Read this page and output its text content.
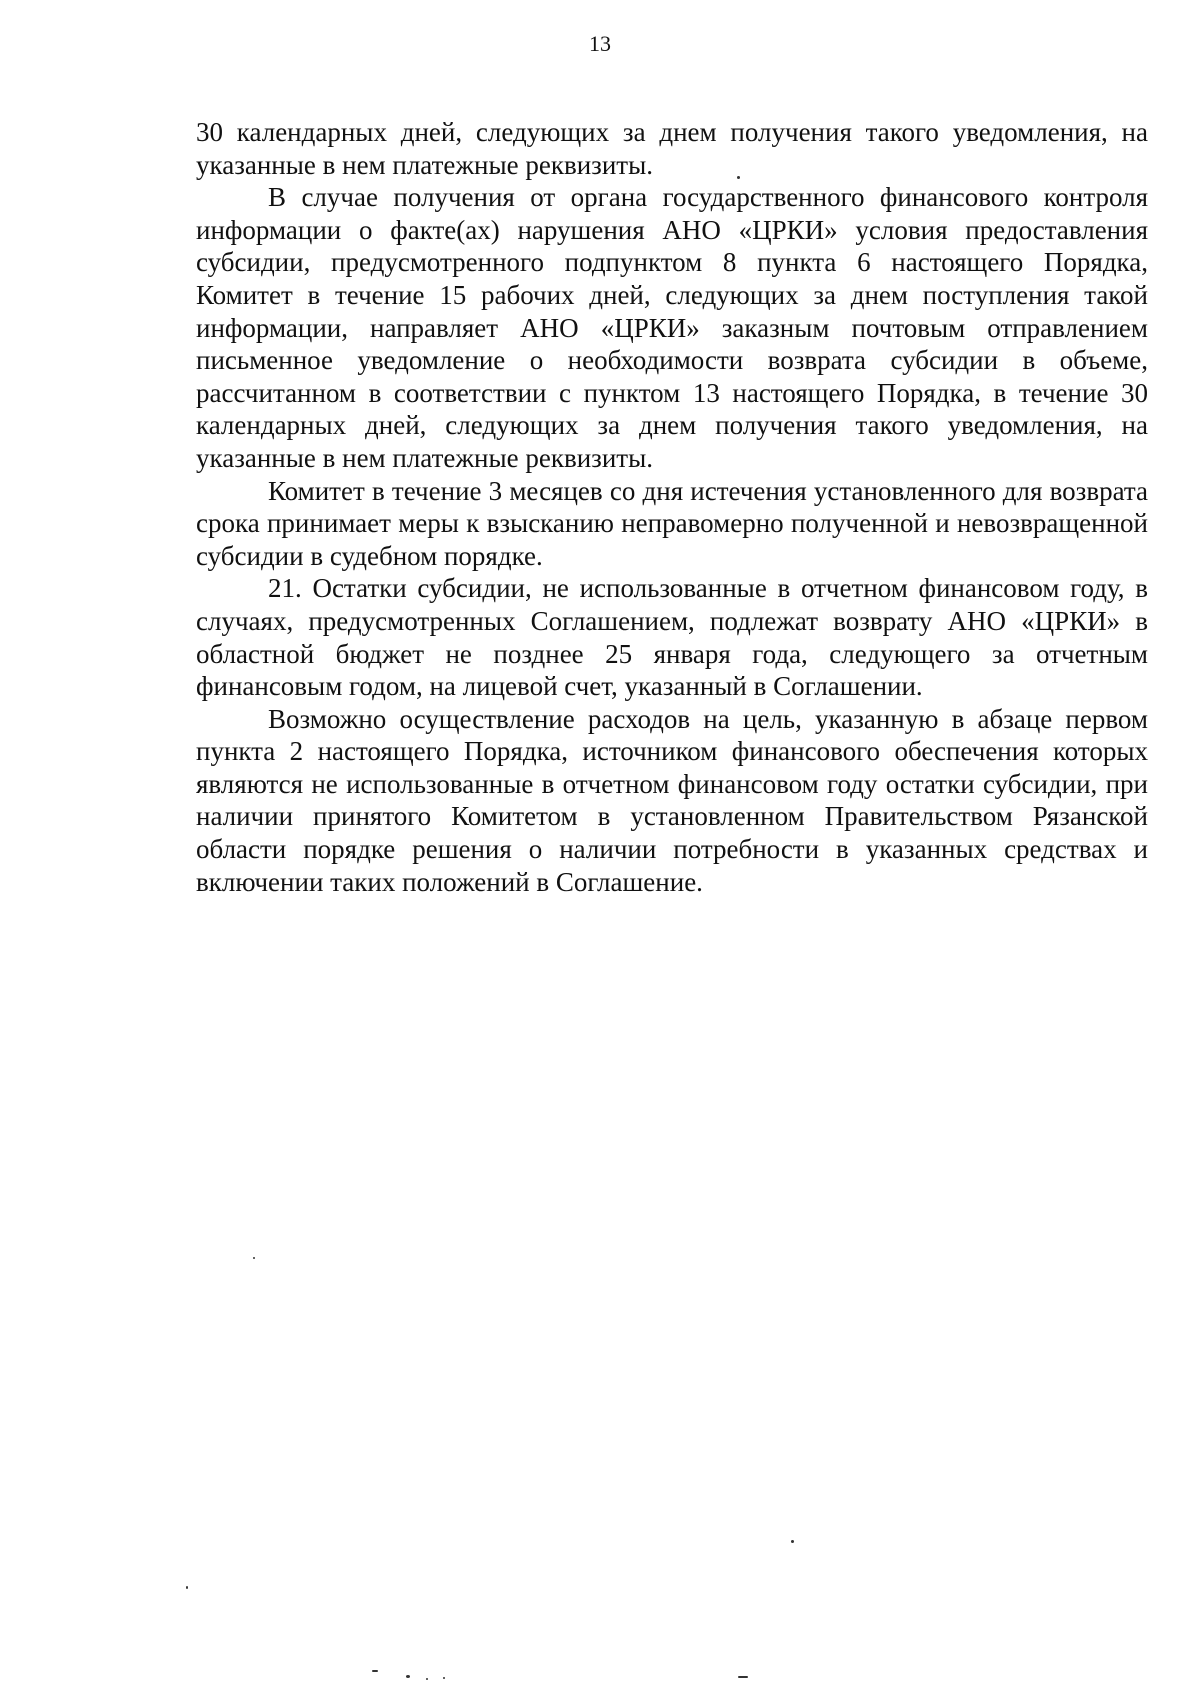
13

30 календарных дней, следующих за днем получения такого уведомления, на указанные в нем платежные реквизиты.

В случае получения от органа государственного финансового контроля информации о факте(ах) нарушения АНО «ЦРКИ» условия предоставления субсидии, предусмотренного подпунктом 8 пункта 6 настоящего Порядка, Комитет в течение 15 рабочих дней, следующих за днем поступления такой информации, направляет АНО «ЦРКИ» заказным почтовым отправлением письменное уведомление о необходимости возврата субсидии в объеме, рассчитанном в соответствии с пунктом 13 настоящего Порядка, в течение 30 календарных дней, следующих за днем получения такого уведомления, на указанные в нем платежные реквизиты.

Комитет в течение 3 месяцев со дня истечения установленного для возврата срока принимает меры к взысканию неправомерно полученной и невозвращенной субсидии в судебном порядке.

21. Остатки субсидии, не использованные в отчетном финансовом году, в случаях, предусмотренных Соглашением, подлежат возврату АНО «ЦРКИ» в областной бюджет не позднее 25 января года, следующего за отчетным финансовым годом, на лицевой счет, указанный в Соглашении.

Возможно осуществление расходов на цель, указанную в абзаце первом пункта 2 настоящего Порядка, источником финансового обеспечения которых являются не использованные в отчетном финансовом году остатки субсидии, при наличии принятого Комитетом в установленном Правительством Рязанской области порядке решения о наличии потребности в указанных средствах и включении таких положений в Соглашение.
